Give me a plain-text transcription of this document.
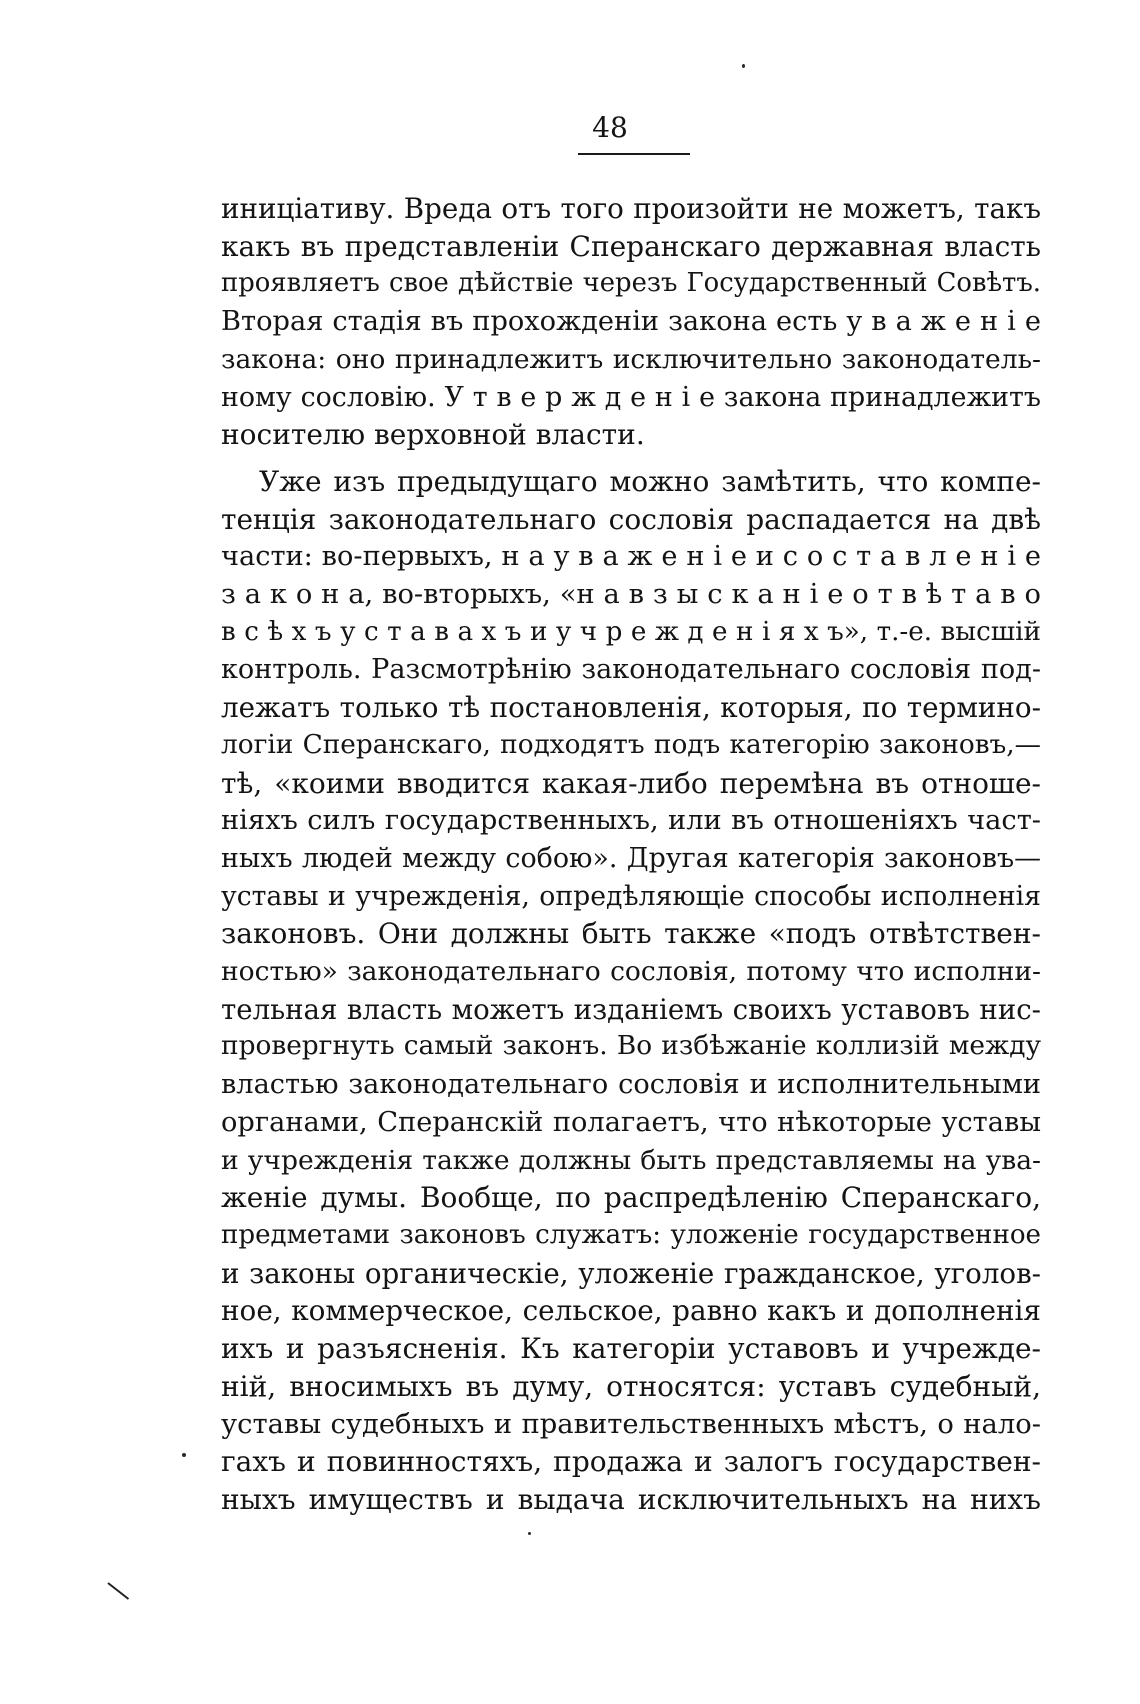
48
иницiативу. Вреда отъ того произойти не можетъ, такъ
какъ въ представленiи Сперанскаго державная власть
проявляетъ свое дѣйствiе черезъ Государственный Совѣтъ.
Вторая стадiя въ прохожденiи закона есть у в а ж е н i е
закона: оно принадлежитъ исключительно законодатель-
ному сословiю. У т в е р ж д е н i е закона принадлежитъ
носителю верховной власти.
Уже изъ предыдущаго можно замѣтить, что компе-
тенцiя законодательнаго сословiя распадается на двѣ
части: во-первыхъ, н а у в а ж е н i е и с о с т а в л е н i е
з а к о н а, во-вторыхъ, «н а в з ы с к а н i е о т в ѣ т а в о
в с ѣ х ъ у с т а в а х ъ и у ч р е ж д е н i я х ъ», т.-е. высшiй
контроль. Разсмотрѣнiю законодательнаго сословiя под-
лежатъ только тѣ постановленiя, которыя, по термино-
логiи Сперанскаго, подходятъ подъ категорiю законовъ,—
тѣ, «коими вводится какая-либо перемѣна въ отноше-
нiяхъ силъ государственныхъ, или въ отношенiяхъ част-
ныхъ людей между собою». Другая категорiя законовъ—
уставы и учрежденiя, опредѣляющiе способы исполненiя
законовъ. Они должны быть также «подъ отвѣтствен-
ностью» законодательнаго сословiя, потому что исполни-
тельная власть можетъ изданiемъ своихъ уставовъ нис-
провергнуть самый законъ. Во избѣжанiе коллизiй между
властью законодательнаго сословiя и исполнительными
органами, Сперанскiй полагаетъ, что нѣкоторые уставы
и учрежденiя также должны быть представляемы на ува-
женiе думы. Вообще, по распредѣленiю Сперанскаго,
предметами законовъ служатъ: уложенiе государственное
и законы органическiе, уложенiе гражданское, уголов-
ное, коммерческое, сельское, равно какъ и дополненiя
ихъ и разъясненiя. Къ категорiи уставовъ и учрежде-
нiй, вносимыхъ въ думу, относятся: уставъ судебный,
уставы судебныхъ и правительственныхъ мѣстъ, о нало-
гахъ и повинностяхъ, продажа и залогъ государствен-
ныхъ имуществъ и выдача исключительныхъ на нихъ
